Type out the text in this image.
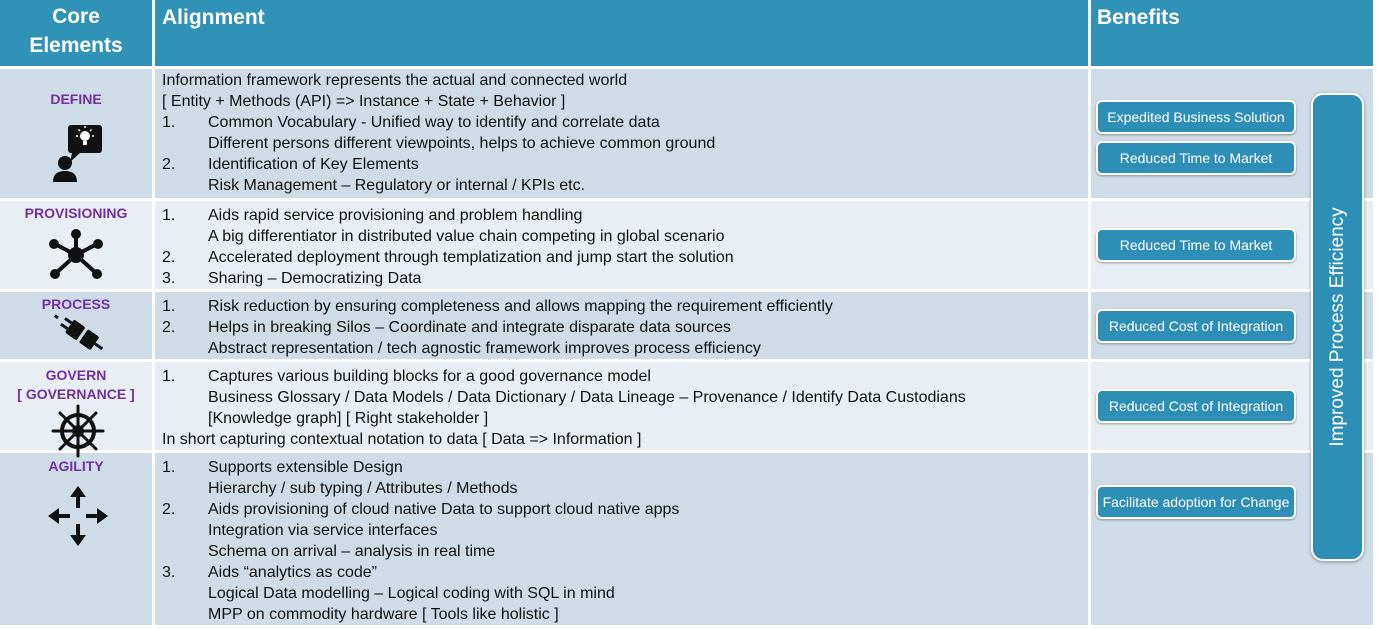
Core
Elements
Alignment	Benefits
DEFINE
PROVISIONING
PROCESS
GOVERN
[ GOVERNANCE ]
AGILITY
Information framework represents the actual and connected world
[ Entity + Methods (API) => Instance + State + Behavior ]
1. Common Vocabulary - Unified way to identify and correlate data
Different persons different viewpoints, helps to achieve common ground
2. Identification of Key Elements
Risk Management – Regulatory or internal / KPIs etc.
1. Aids rapid service provisioning and problem handling
A big differentiator in distributed value chain competing in global scenario
2. Accelerated deployment through templatization and jump start the solution
3. Sharing – Democratizing Data
1. Risk reduction by ensuring completeness and allows mapping the requirement efficiently
2. Helps in breaking Silos – Coordinate and integrate disparate data sources
Abstract representation / tech agnostic framework improves process efficiency
1. Captures various building blocks for a good governance model
Business Glossary / Data Models / Data Dictionary / Data Lineage – Provenance / Identify Data Custodians
[Knowledge graph] [ Right stakeholder ]
In short capturing contextual notation to data [ Data => Information ]
1. Supports extensible Design
Hierarchy / sub typing / Attributes / Methods
2. Aids provisioning of cloud native Data to support cloud native apps
Integration via service interfaces
Schema on arrival – analysis in real time
3. Aids “analytics as code”
Logical Data modelling – Logical coding with SQL in mind
MPP on commodity hardware [ Tools like holistic ]
Expedited Business Solution
Reduced Time to Market
Reduced Time to Market
Reduced Cost of Integration
Reduced Cost of Integration
Facilitate adoption for Change
Improved Process Efficiency
